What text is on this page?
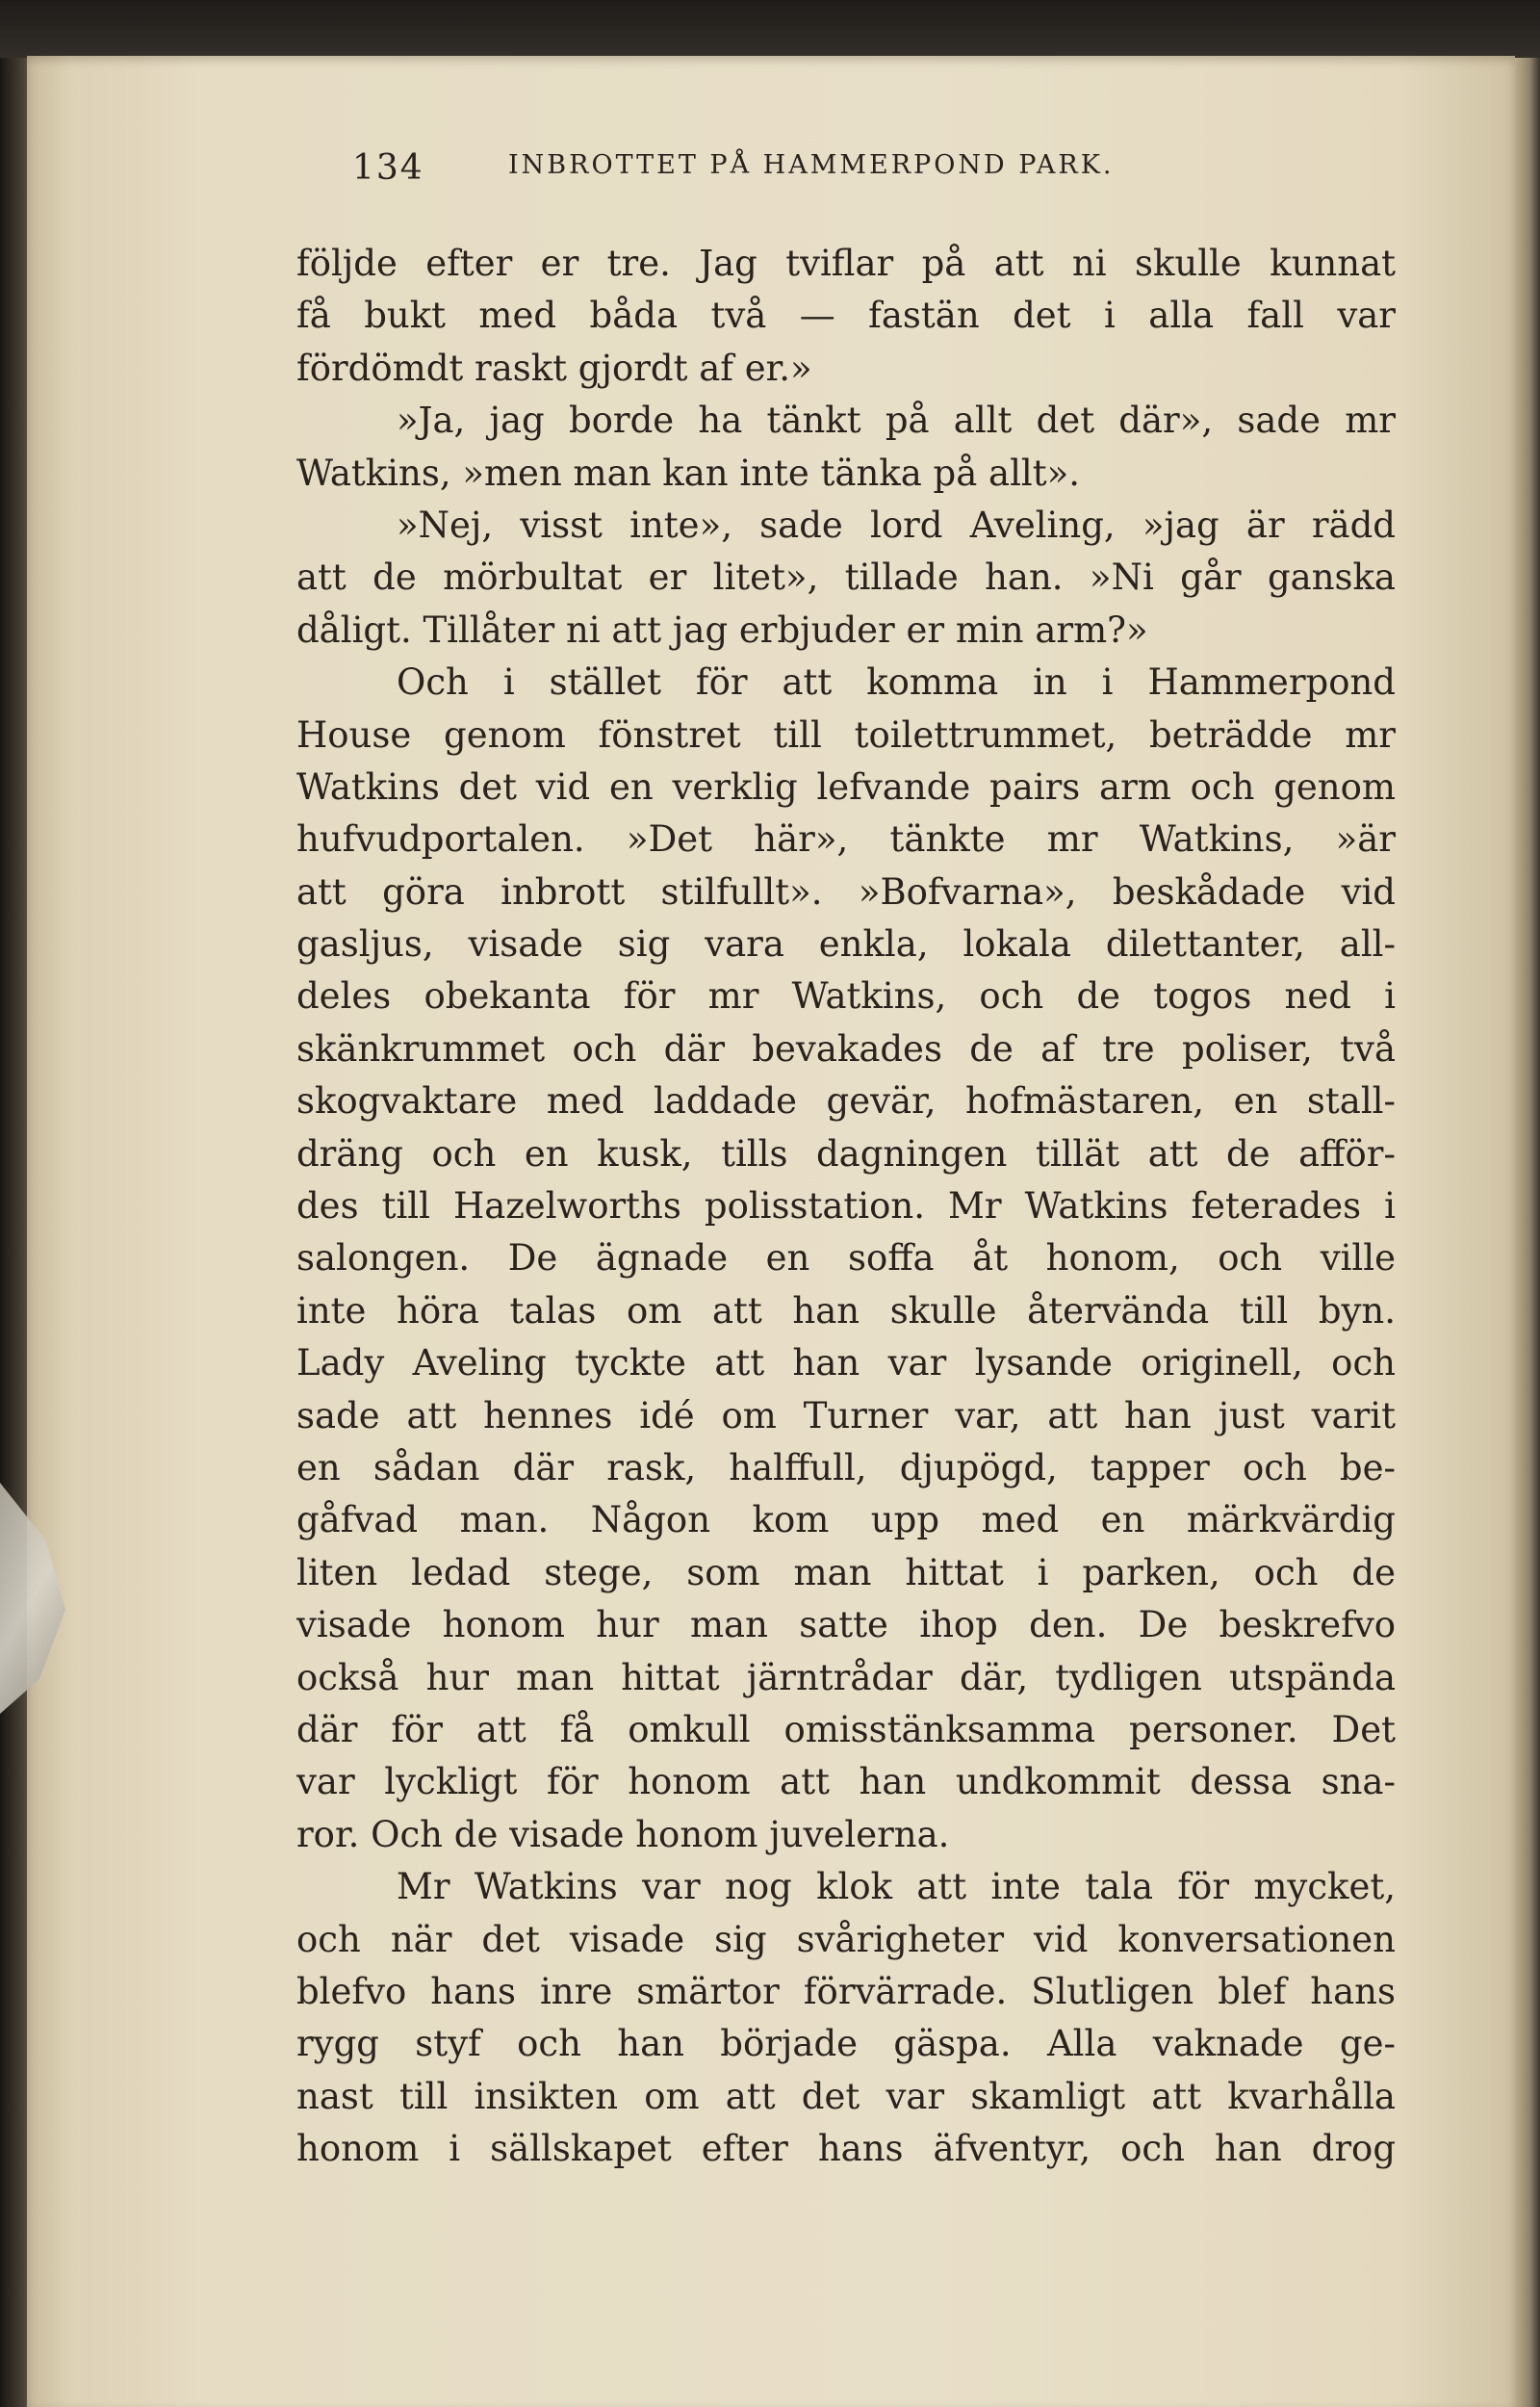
134	INBROTTET PÅ HAMMERPOND PARK.
följde efter er tre. Jag tviflar på att ni skulle kunnat
få bukt med båda två — fastän det i alla fall var
fördömdt raskt gjordt af er.»
»Ja, jag borde ha tänkt på allt det där», sade mr
Watkins, »men man kan inte tänka på allt».
»Nej, visst inte», sade lord Aveling, »jag är rädd
att de mörbultat er litet», tillade han. »Ni går ganska
dåligt. Tillåter ni att jag erbjuder er min arm?»
Och i stället för att komma in i Hammerpond
House genom fönstret till toilettrummet, beträdde mr
Watkins det vid en verklig lefvande pairs arm och genom
hufvudportalen. »Det här», tänkte mr Watkins, »är
att göra inbrott stilfullt». »Bofvarna», beskådade vid
gasljus, visade sig vara enkla, lokala dilettanter, all-
deles obekanta för mr Watkins, och de togos ned i
skänkrummet och där bevakades de af tre poliser, två
skogvaktare med laddade gevär, hofmästaren, en stall-
dräng och en kusk, tills dagningen tillät att de afför-
des till Hazelworths polisstation. Mr Watkins feterades i
salongen. De ägnade en soffa åt honom, och ville
inte höra talas om att han skulle återvända till byn.
Lady Aveling tyckte att han var lysande originell, och
sade att hennes idé om Turner var, att han just varit
en sådan där rask, halffull, djupögd, tapper och be-
gåfvad man. Någon kom upp med en märkvärdig
liten ledad stege, som man hittat i parken, och de
visade honom hur man satte ihop den. De beskrefvo
också hur man hittat järntrådar där, tydligen utspända
där för att få omkull omisstänksamma personer. Det
var lyckligt för honom att han undkommit dessa sna-
ror. Och de visade honom juvelerna.
Mr Watkins var nog klok att inte tala för mycket,
och när det visade sig svårigheter vid konversationen
blefvo hans inre smärtor förvärrade. Slutligen blef hans
rygg styf och han började gäspa. Alla vaknade ge-
nast till insikten om att det var skamligt att kvarhålla
honom i sällskapet efter hans äfventyr, och han drog
